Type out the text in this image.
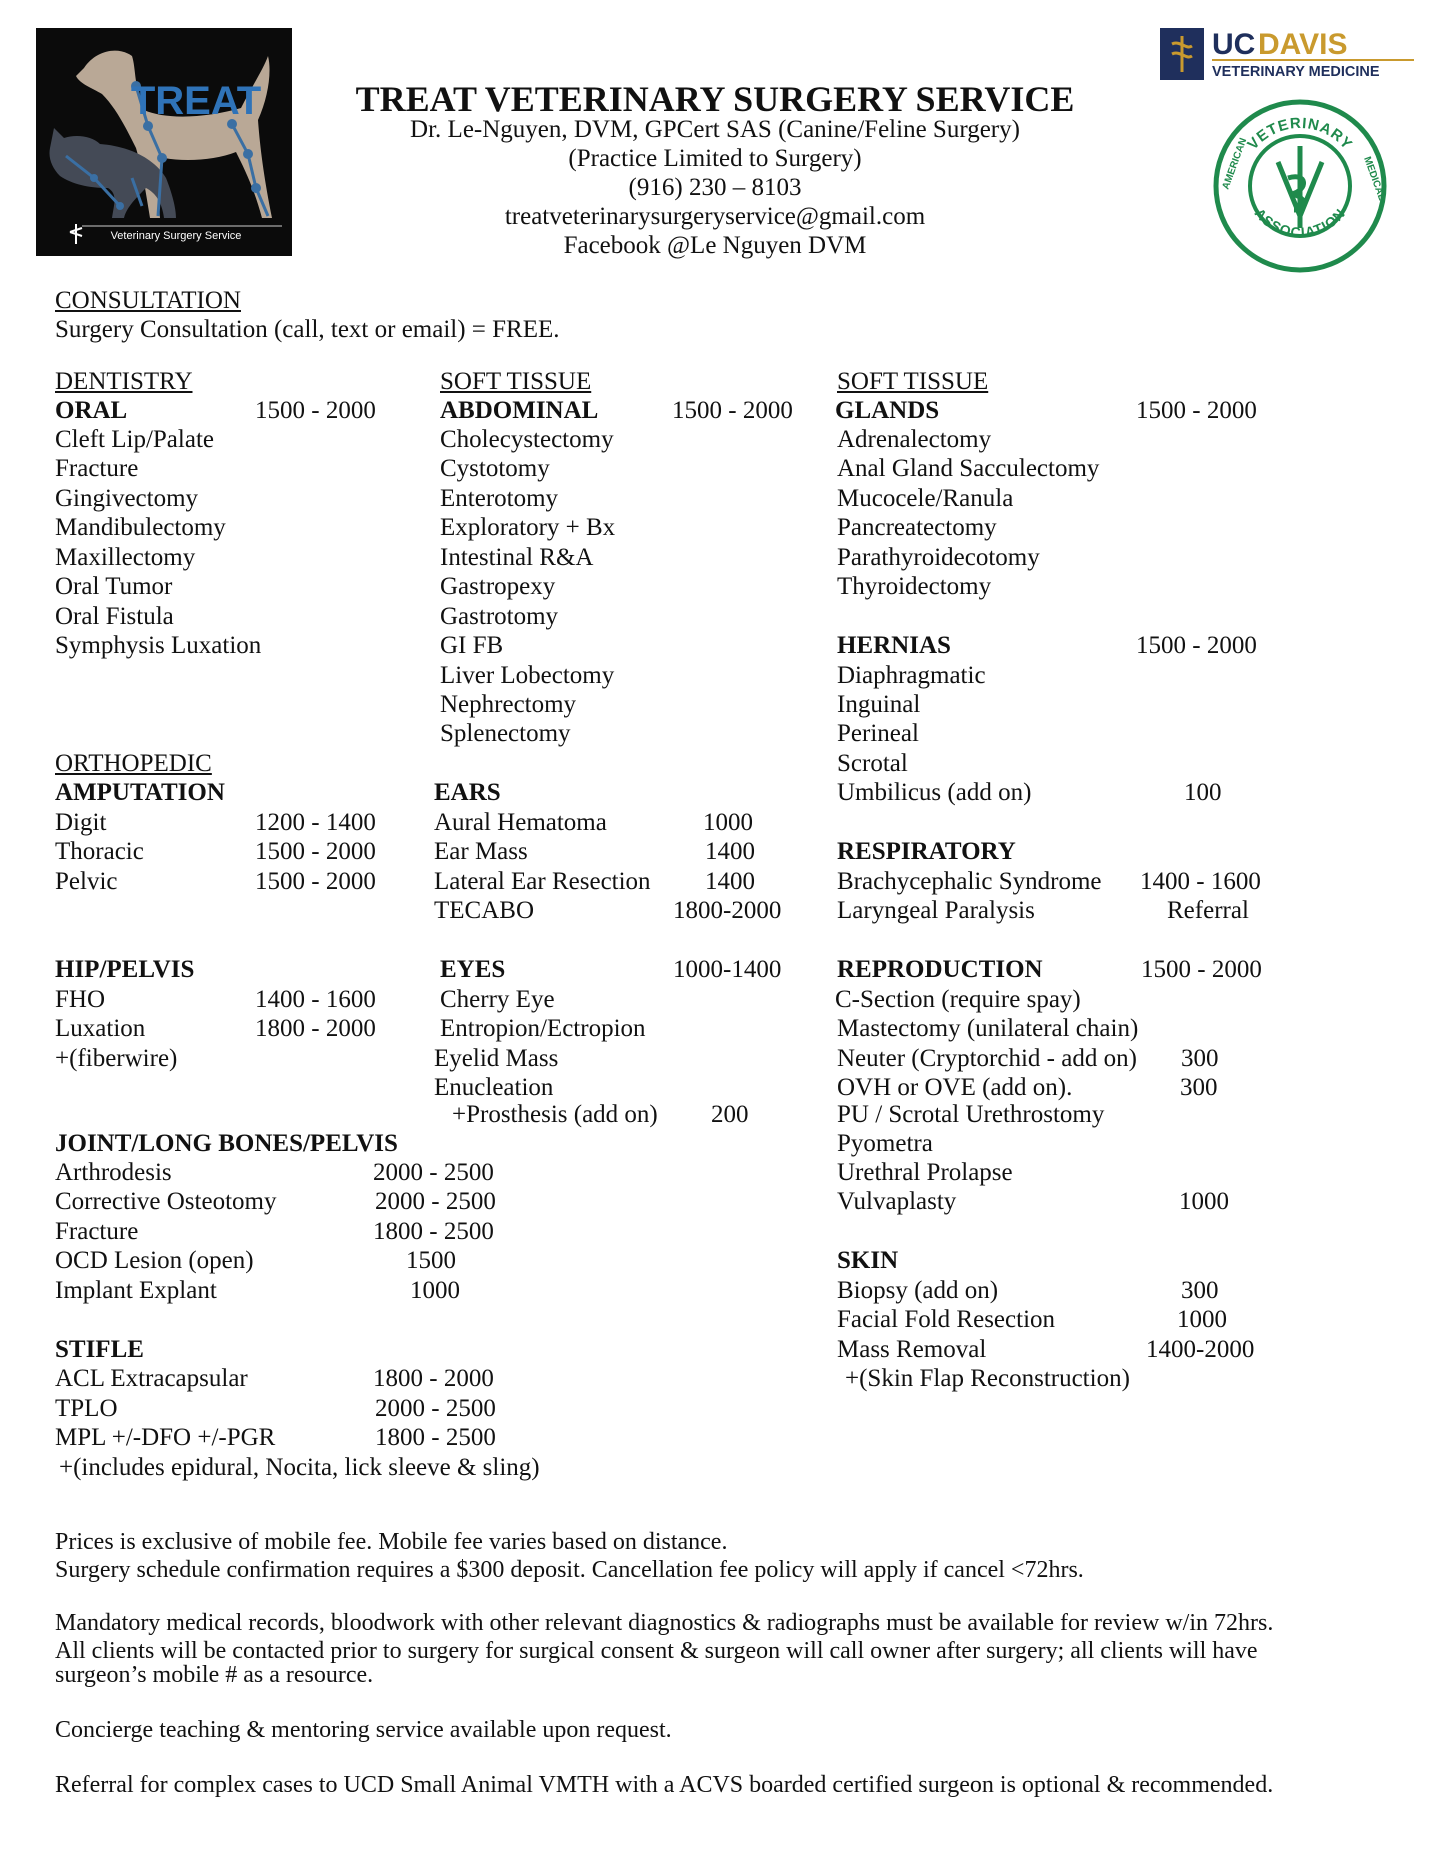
TREAT
Veterinary Surgery Service
TREAT VETERINARY SURGERY SERVICE
Dr. Le-Nguyen, DVM, GPCert SAS (Canine/Feline Surgery)
(Practice Limited to Surgery)
(916) 230 – 8103
treatveterinarysurgeryservice@gmail.com
Facebook @Le Nguyen DVM
UC DAVIS
VETERINARY MEDICINE
VETERINARY
ASSOCIATION
AMERICAN	MEDICAL
CONSULTATION
Surgery Consultation (call, text or email) = FREE.
DENTISTRY	SOFT TISSUE	SOFT TISSUE
ORAL	1500 - 2000
Cleft Lip/Palate
Fracture
Gingivectomy
Mandibulectomy
Maxillectomy
Oral Tumor
Oral Fistula
Symphysis Luxation
ABDOMINAL	1500 - 2000
Cholecystectomy
Cystotomy
Enterotomy
Exploratory + Bx
Intestinal R&A
Gastropexy
Gastrotomy
GI FB
Liver Lobectomy
Nephrectomy
Splenectomy
GLANDS	1500 - 2000
Adrenalectomy
Anal Gland Sacculectomy
Mucocele/Ranula
Pancreatectomy
Parathyroidecotomy
Thyroidectomy
HERNIAS	1500 - 2000
Diaphragmatic
Inguinal
Perineal
Scrotal
Umbilicus (add on)	100
ORTHOPEDIC
AMPUTATION
Digit	1200 - 1400
Thoracic	1500 - 2000
Pelvic	1500 - 2000
EARS
Aural Hematoma	1000
Ear Mass	1400
Lateral Ear Resection 1400
TECABO	1800-2000
RESPIRATORY
Brachycephalic Syndrome 1400 - 1600
Laryngeal Paralysis	Referral
HIP/PELVIS
FHO	1400 - 1600
Luxation	1800 - 2000
+(fiberwire)
EYES	1000-1400
Cherry Eye
Entropion/Ectropion
Eyelid Mass
Enucleation
+Prosthesis (add on) 200
REPRODUCTION	1500 - 2000
C-Section (require spay)
Mastectomy (unilateral chain)
Neuter (Cryptorchid - add on) 300
OVH or OVE (add on).	300
PU / Scrotal Urethrostomy
Pyometra
Urethral Prolapse
Vulvaplasty	1000
JOINT/LONG BONES/PELVIS
Arthrodesis	2000 - 2500
Corrective Osteotomy	2000 - 2500
Fracture	1800 - 2500
OCD Lesion (open)	1500
Implant Explant	1000
SKIN
Biopsy (add on)	300
Facial Fold Resection	1000
Mass Removal	1400-2000
+(Skin Flap Reconstruction)
STIFLE
ACL Extracapsular	1800 - 2000
TPLO	2000 - 2500
MPL +/-DFO +/-PGR	1800 - 2500
+(includes epidural, Nocita, lick sleeve & sling)
Prices is exclusive of mobile fee. Mobile fee varies based on distance.
Surgery schedule confirmation requires a $300 deposit. Cancellation fee policy will apply if cancel <72hrs.
Mandatory medical records, bloodwork with other relevant diagnostics & radiographs must be available for review w/in 72hrs.
All clients will be contacted prior to surgery for surgical consent & surgeon will call owner after surgery; all clients will have
surgeon’s mobile # as a resource.
Concierge teaching & mentoring service available upon request.
Referral for complex cases to UCD Small Animal VMTH with a ACVS boarded certified surgeon is optional & recommended.
